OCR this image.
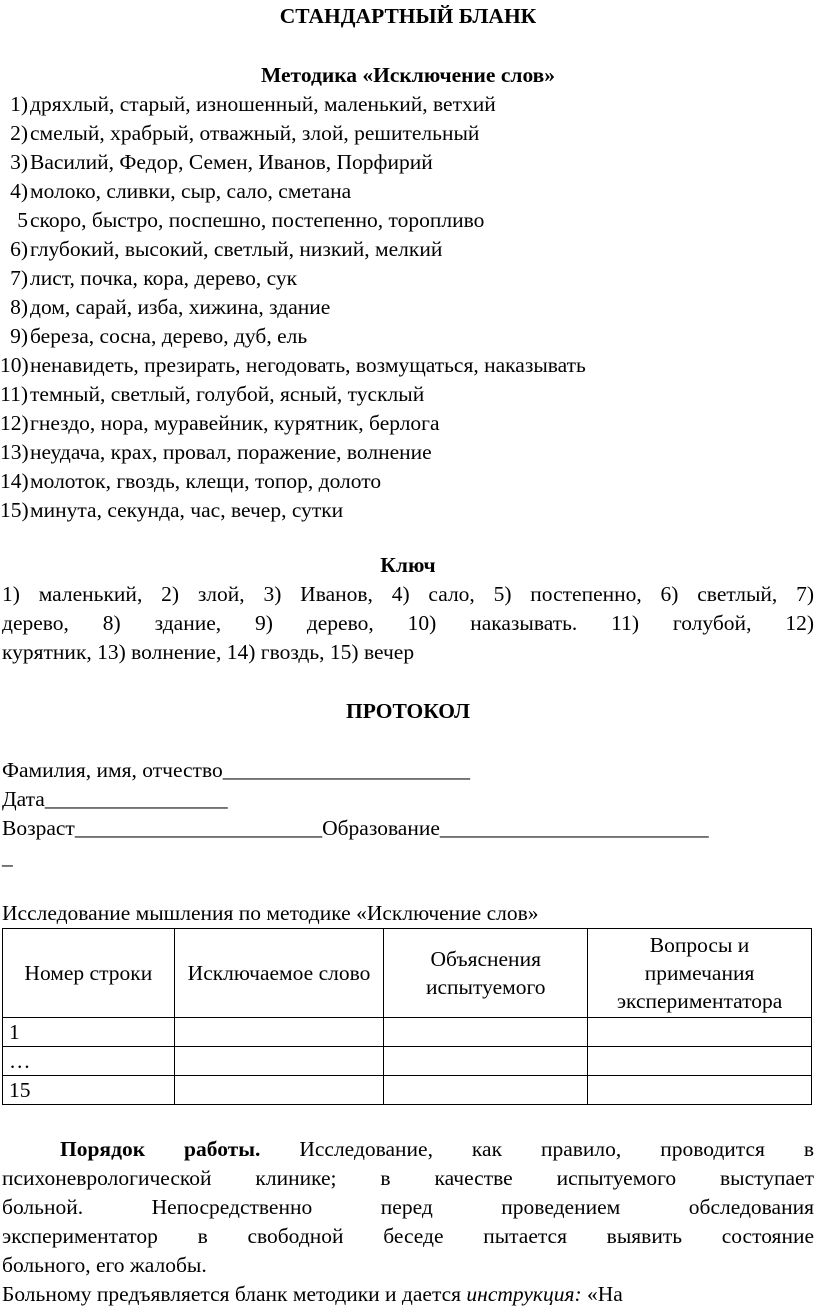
СТАНДАРТНЫЙ БЛАНК
Методика «Исключение слов»
1)дряхлый, старый, изношенный, маленький, ветхий
2)смелый, храбрый, отважный, злой, решительный
3)Василий, Федор, Семен, Иванов, Порфирий
4)молоко, сливки, сыр, сало, сметана
5скоро, быстро, поспешно, постепенно, торопливо
6)глубокий, высокий, светлый, низкий, мелкий
7)лист, почка, кора, дерево, сук
8)дом, сарай, изба, хижина, здание
9)береза, сосна, дерево, дуб, ель
10)ненавидеть, презирать, негодовать, возмущаться, наказывать
11)темный, светлый, голубой, ясный, тусклый
12)гнездо, нора, муравейник, курятник, берлога
13)неудача, крах, провал, поражение, волнение
14)молоток, гвоздь, клещи, топор, долото
15)минута, секунда, час, вечер, сутки
Ключ
1) маленький, 2) злой, 3) Иванов, 4) сало, 5) постепенно, 6) светлый, 7)
дерево, 8) здание, 9) дерево, 10) наказывать. 11) голубой, 12)
курятник, 13) волнение, 14) гвоздь, 15) вечер
ПРОТОКОЛ
Фамилия, имя, отчество_______________________
Дата_________________
Возраст_______________________Образование_________________________
_
Исследование мышления по методике «Исключение слов»
Номер строки	Исключаемое слово	Объяснения испытуемого	Вопросы и примечания экспериментатора
1			
…			
15			
Порядок работы. Исследование, как правило, проводится в
психоневрологической клинике; в качестве испытуемого выступает
больной. Непосредственно перед проведением обследования
экспериментатор в свободной беседе пытается выявить состояние
больного, его жалобы.
Больному предъявляется бланк методики и дается инструкция: «На
